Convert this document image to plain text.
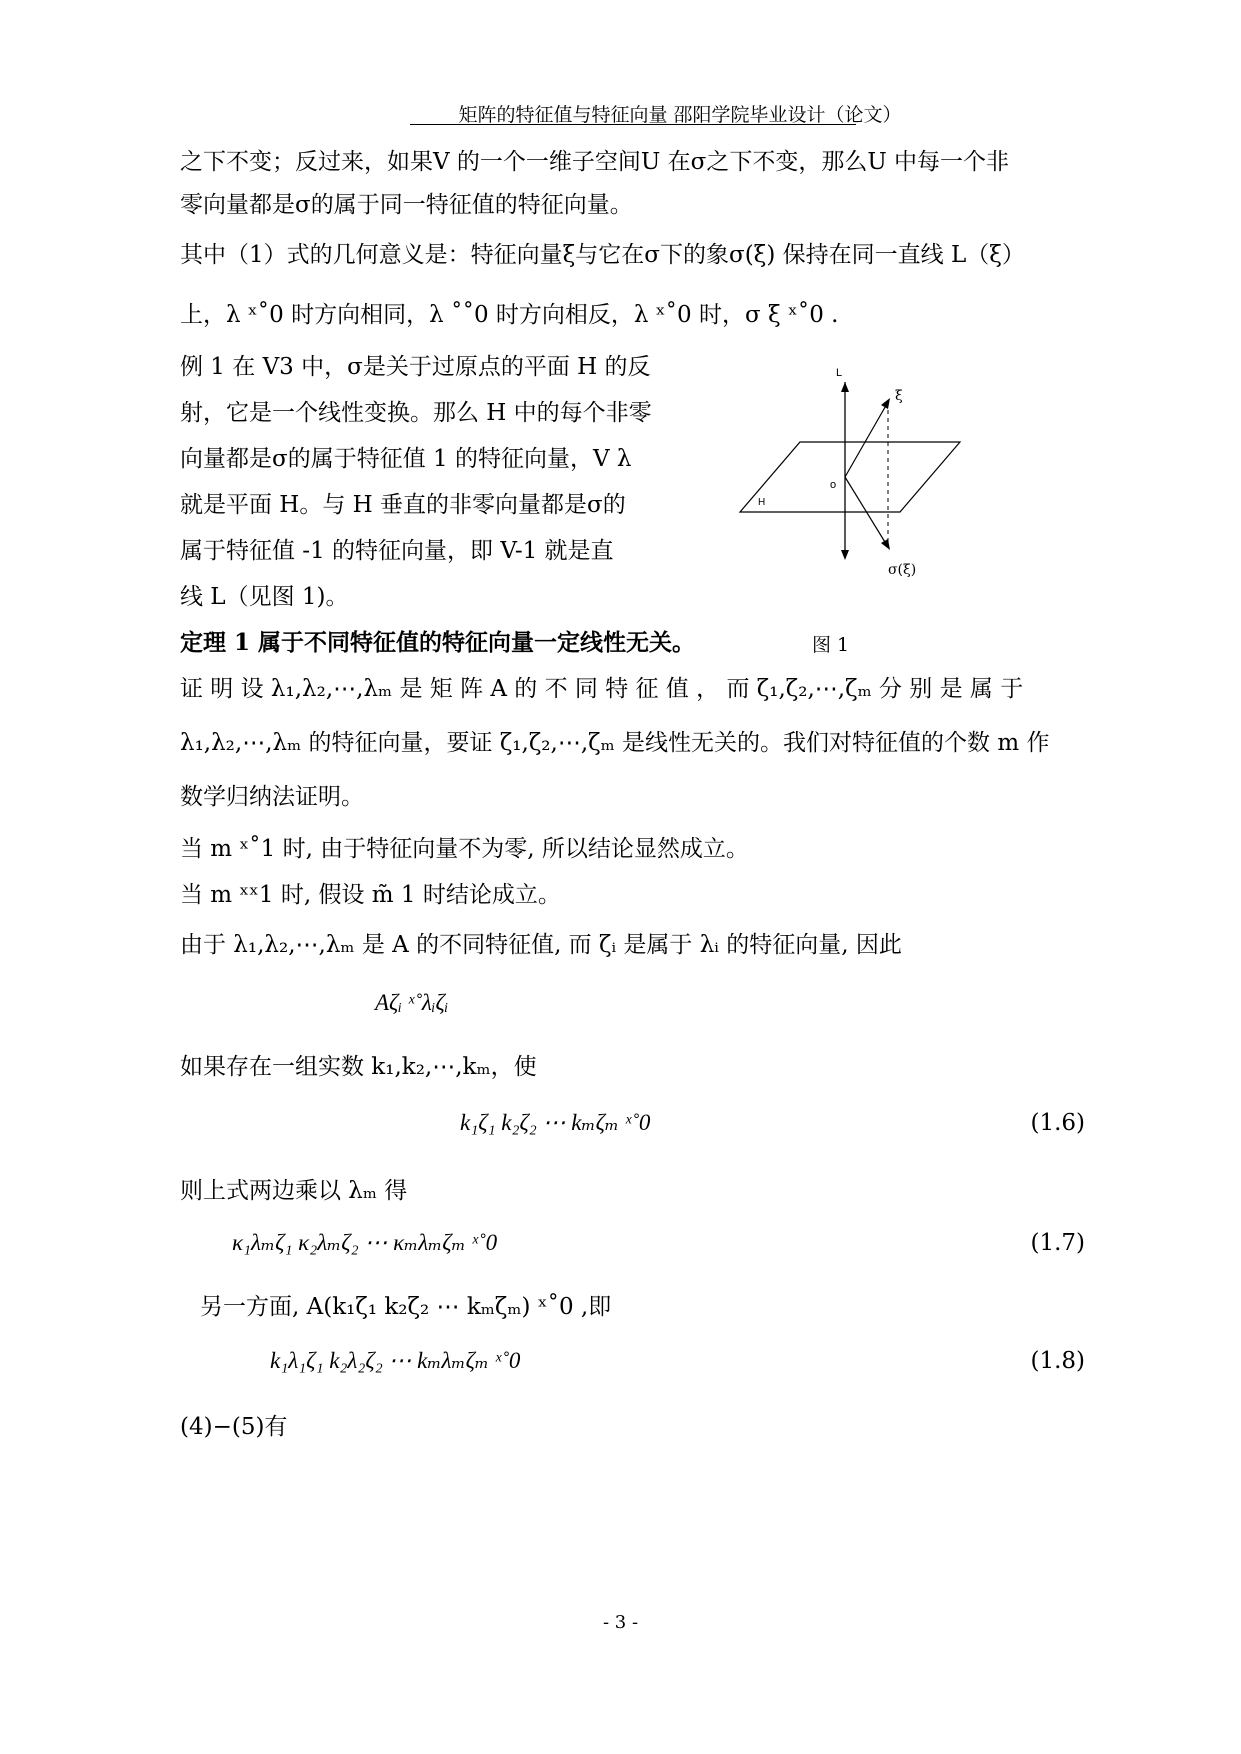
矩阵的特征值与特征向量 邵阳学院毕业设计（论文）
之下不变；反过来，如果V 的一个一维子空间U 在σ之下不变，那么U 中每一个非
零向量都是σ的属于同一特征值的特征向量。
其中（1）式的几何意义是：特征向量ξ与它在σ下的象σ(ξ) 保持在同一直线 L（ξ）
上，λ ˣ˚0 时方向相同，λ ˚˚0 时方向相反，λ ˣ˚0 时，σ ξ ˣ˚0 .
例 1 在 V3 中，σ是关于过原点的平面 H 的反
射，它是一个线性变换。那么 H 中的每个非零
向量都是σ的属于特征值 1 的特征向量，V λ
就是平面 H。与 H 垂直的非零向量都是σ的
属于特征值 -1 的特征向量，即 V-1 就是直
线 L（见图 1)。
L
ξ
o
H
σ(ξ)
图 1
定理 1 属于不同特征值的特征向量一定线性无关。
证 明 设 λ₁,λ₂,⋯,λₘ 是 矩 阵 A 的 不 同 特 征 值 ， 而 ζ₁,ζ₂,⋯,ζₘ 分 别 是 属 于
λ₁,λ₂,⋯,λₘ 的特征向量，要证 ζ₁,ζ₂,⋯,ζₘ 是线性无关的。我们对特征值的个数 m 作
数学归纳法证明。
当 m ˣ˚1 时, 由于特征向量不为零, 所以结论显然成立。
当 m ˣˣ1 时, 假设 m̃ 1 时结论成立。
由于 λ₁,λ₂,⋯,λₘ 是 A 的不同特征值, 而 ζᵢ 是属于 λᵢ 的特征向量, 因此
Aζᵢ ˣ˚λᵢζᵢ
如果存在一组实数 k₁,k₂,⋯,kₘ，使
k₁ζ₁ k₂ζ₂ ⋯ kₘζₘ ˣ˚0	(1.6)
则上式两边乘以 λₘ 得
κ₁λₘζ₁ κ₂λₘζ₂ ⋯ κₘλₘζₘ ˣ˚0	(1.7)
另一方面, A(k₁ζ₁ k₂ζ₂ ⋯ kₘζₘ) ˣ˚0 ,即
k₁λ₁ζ₁ k₂λ₂ζ₂ ⋯ kₘλₘζₘ ˣ˚0	(1.8)
(4)−(5)有
- 3 -
